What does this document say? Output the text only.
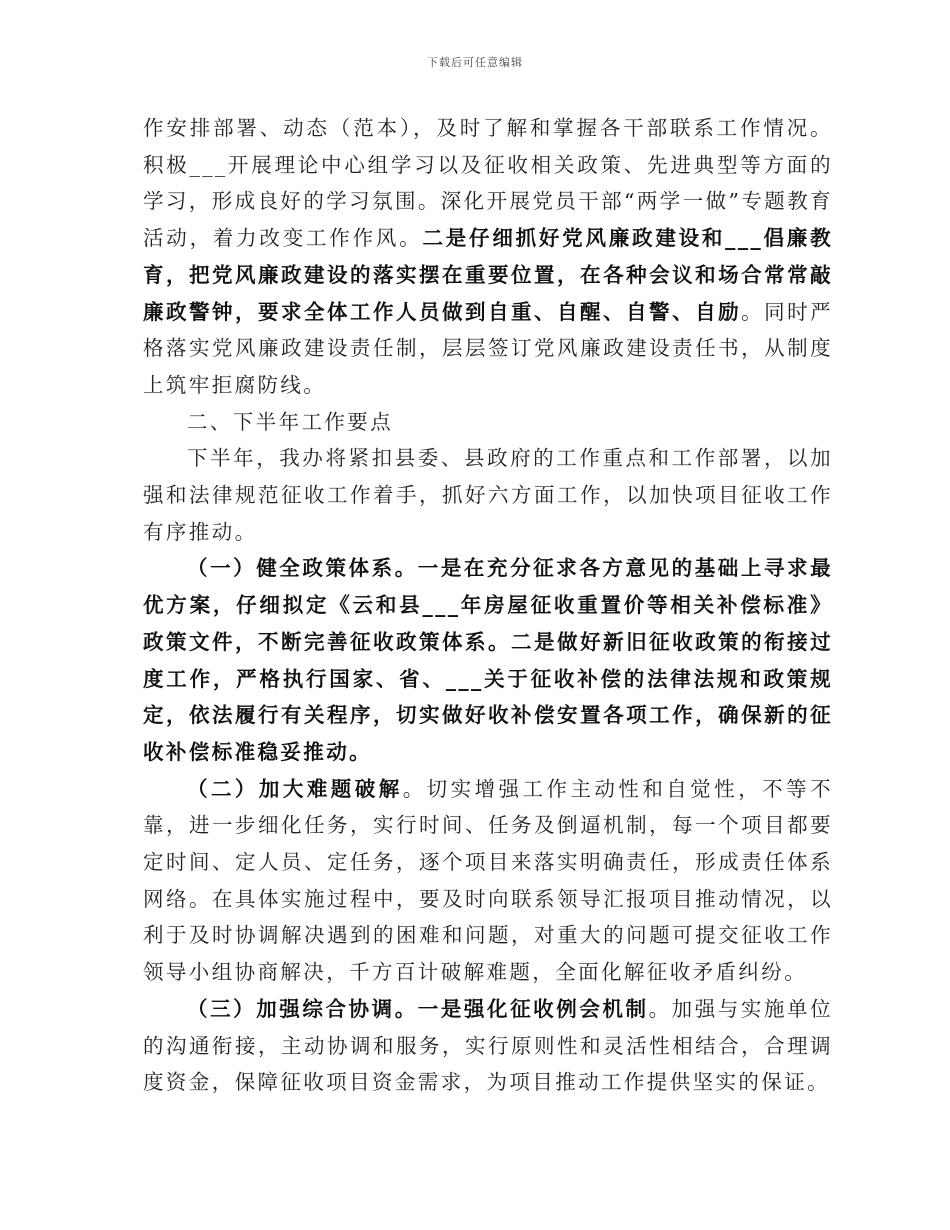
下载后可任意编辑

作安排部署、动态（范本），及时了解和掌握各干部联系工作情况。积极___开展理论中心组学习以及征收相关政策、先进典型等方面的学习，形成良好的学习氛围。深化开展党员干部“两学一做”专题教育活动，着力改变工作作风。二是仔细抓好党风廉政建设和___倡廉教育，把党风廉政建设的落实摆在重要位置，在各种会议和场合常常敲廉政警钟，要求全体工作人员做到自重、自醒、自警、自励。同时严格落实党风廉政建设责任制，层层签订党风廉政建设责任书，从制度上筑牢拒腐防线。

二、下半年工作要点

下半年，我办将紧扣县委、县政府的工作重点和工作部署，以加强和法律规范征收工作着手，抓好六方面工作，以加快项目征收工作有序推动。

（一）健全政策体系。一是在充分征求各方意见的基础上寻求最优方案，仔细拟定《云和县___年房屋征收重置价等相关补偿标准》政策文件，不断完善征收政策体系。二是做好新旧征收政策的衔接过度工作，严格执行国家、省、___关于征收补偿的法律法规和政策规定，依法履行有关程序，切实做好收补偿安置各项工作，确保新的征收补偿标准稳妥推动。

（二）加大难题破解。切实增强工作主动性和自觉性，不等不靠，进一步细化任务，实行时间、任务及倒逼机制，每一个项目都要定时间、定人员、定任务，逐个项目来落实明确责任，形成责任体系网络。在具体实施过程中，要及时向联系领导汇报项目推动情况，以利于及时协调解决遇到的困难和问题，对重大的问题可提交征收工作领导小组协商解决，千方百计破解难题，全面化解征收矛盾纠纷。

（三）加强综合协调。一是强化征收例会机制。加强与实施单位的沟通衔接，主动协调和服务，实行原则性和灵活性相结合，合理调度资金，保障征收项目资金需求，为项目推动工作提供坚实的保证。
